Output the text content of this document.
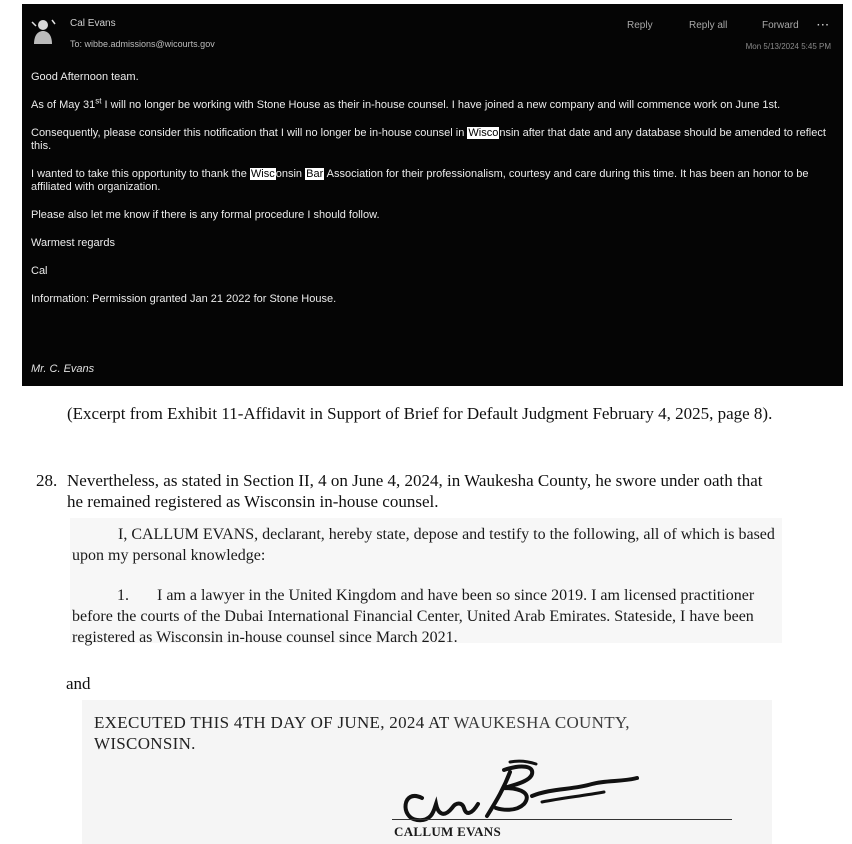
Cal Evans
To: wibbe.admissions@wicourts.gov
Reply	Reply all	Forward ···
Mon 5/13/2024 5:45 PM

Good Afternoon team.

As of May 31st I will no longer be working with Stone House as their in-house counsel. I have joined a new company and will commence work on June 1st.

Consequently, please consider this notification that I will no longer be in-house counsel in Wisconsin after that date and any database should be amended to reflect this.

I wanted to take this opportunity to thank the Wisconsin Bar Association for their professionalism, courtesy and care during this time. It has been an honor to be affiliated with organization.

Please also let me know if there is any formal procedure I should follow.

Warmest regards

Cal

Information: Permission granted Jan 21 2022 for Stone House.

Mr. C. Evans
(Excerpt from Exhibit 11-Affidavit in Support of Brief for Default Judgment February 4, 2025, page 8).
28. Nevertheless, as stated in Section II, 4 on June 4, 2024, in Waukesha County, he swore under oath that he remained registered as Wisconsin in-house counsel.
I, CALLUM EVANS, declarant, hereby state, depose and testify to the following, all of which is based upon my personal knowledge:
1. I am a lawyer in the United Kingdom and have been so since 2019. I am licensed practitioner before the courts of the Dubai International Financial Center, United Arab Emirates. Stateside, I have been registered as Wisconsin in-house counsel since March 2021.
and
EXECUTED THIS 4TH DAY OF JUNE, 2024 AT WAUKESHA COUNTY,
WISCONSIN.
CALLUM EVANS
